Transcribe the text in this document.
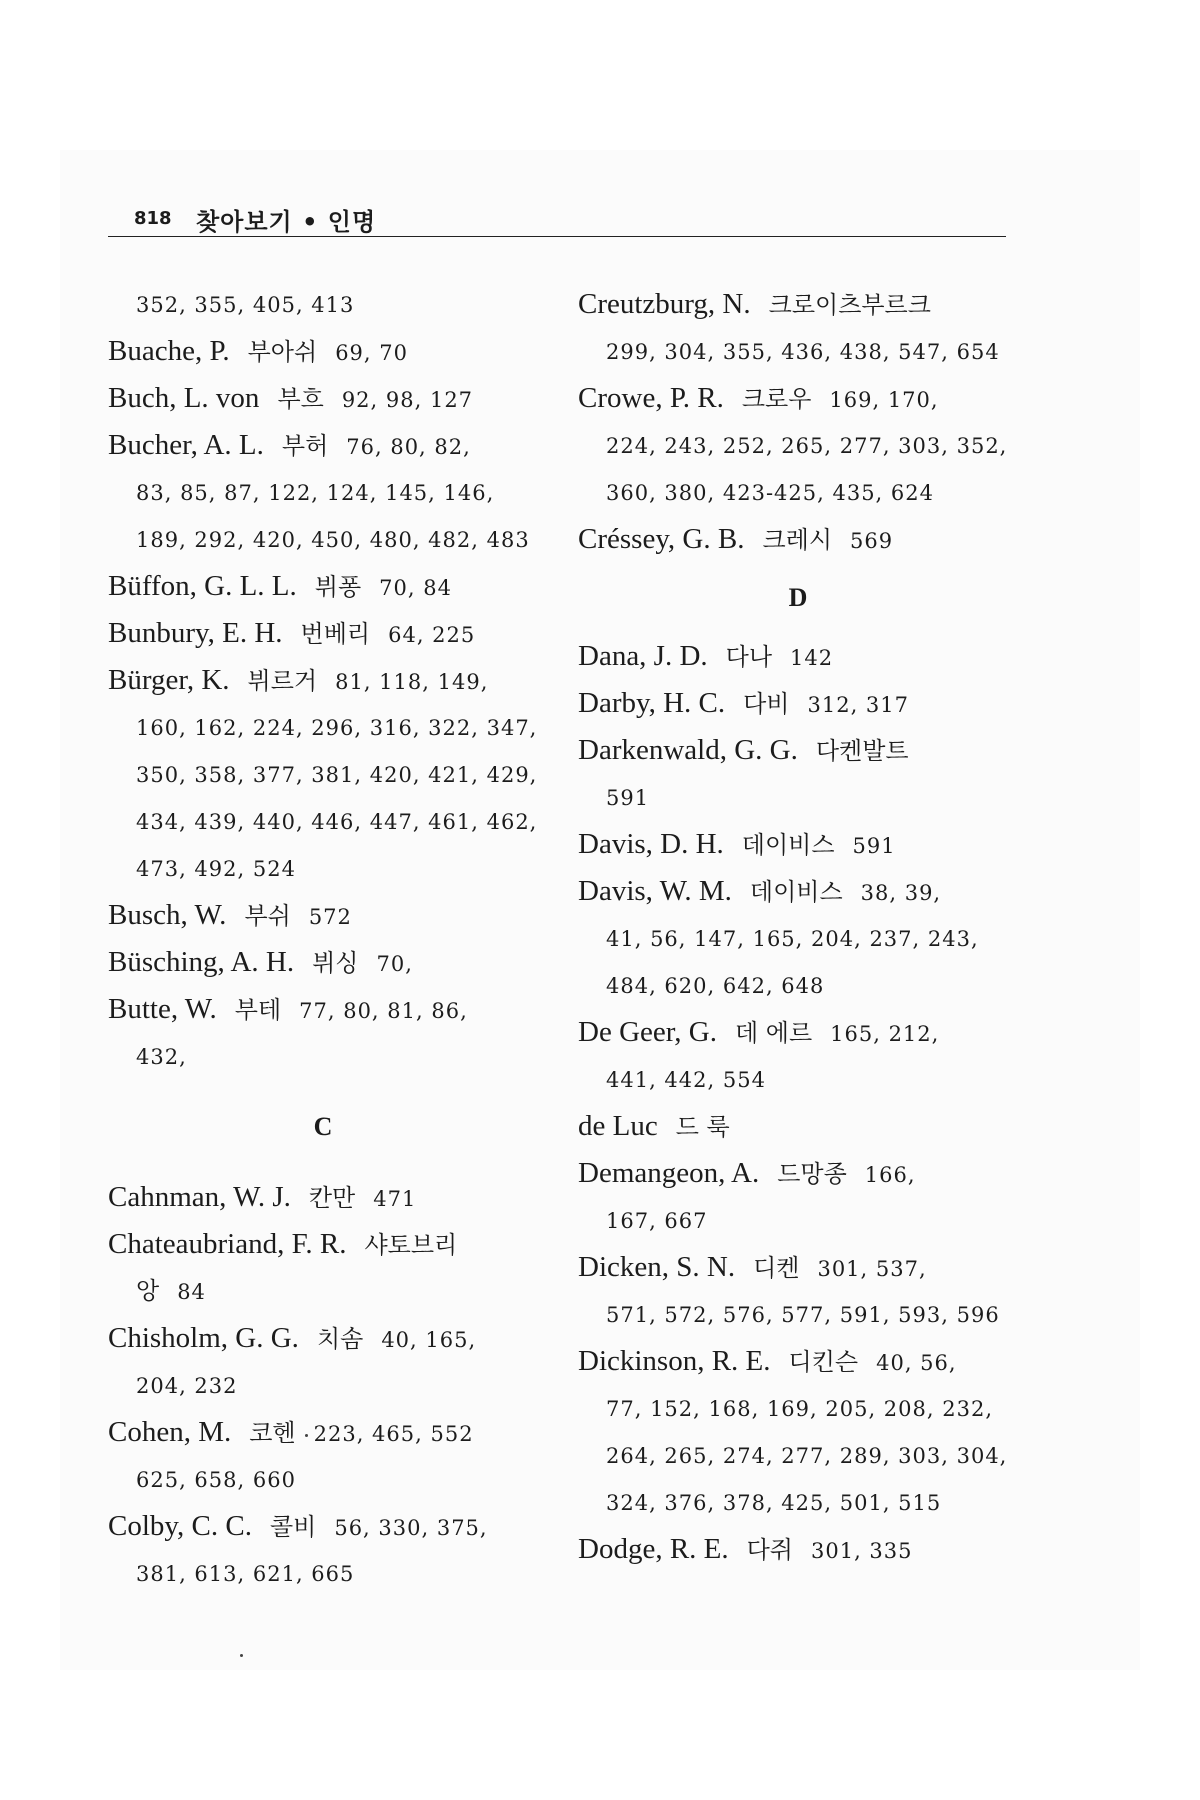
818 찾아보기 • 인명
352, 355, 405, 413
Buache, P. 부아쉬 69, 70
Buch, L. von 부흐 92, 98, 127
Bucher, A. L. 부허 76, 80, 82,
83, 85, 87, 122, 124, 145, 146,
189, 292, 420, 450, 480, 482, 483
Büffon, G. L. L. 뷔퐁 70, 84
Bunbury, E. H. 번베리 64, 225
Bürger, K. 뷔르거 81, 118, 149,
160, 162, 224, 296, 316, 322, 347,
350, 358, 377, 381, 420, 421, 429,
434, 439, 440, 446, 447, 461, 462,
473, 492, 524
Busch, W. 부쉬 572
Büsching, A. H. 뷔싱 70,
Butte, W. 부테 77, 80, 81, 86,
432,
C
Cahnman, W. J. 칸만 471
Chateaubriand, F. R. 샤토브리
앙 84
Chisholm, G. G. 치솜 40, 165,
204, 232
Cohen, M. 코헨 223, 465, 552
625, 658, 660
Colby, C. C. 콜비 56, 330, 375,
381, 613, 621, 665
Creutzburg, N. 크로이츠부르크
299, 304, 355, 436, 438, 547, 654
Crowe, P. R. 크로우 169, 170,
224, 243, 252, 265, 277, 303, 352,
360, 380, 423-425, 435, 624
Créssey, G. B. 크레시 569
D
Dana, J. D. 다나 142
Darby, H. C. 다비 312, 317
Darkenwald, G. G. 다켄발트
591
Davis, D. H. 데이비스 591
Davis, W. M. 데이비스 38, 39,
41, 56, 147, 165, 204, 237, 243,
484, 620, 642, 648
De Geer, G. 데 에르 165, 212,
441, 442, 554
de Luc 드 룩
Demangeon, A. 드망종 166,
167, 667
Dicken, S. N. 디켄 301, 537,
571, 572, 576, 577, 591, 593, 596
Dickinson, R. E. 디킨슨 40, 56,
77, 152, 168, 169, 205, 208, 232,
264, 265, 274, 277, 289, 303, 304,
324, 376, 378, 425, 501, 515
Dodge, R. E. 다쥐 301, 335
